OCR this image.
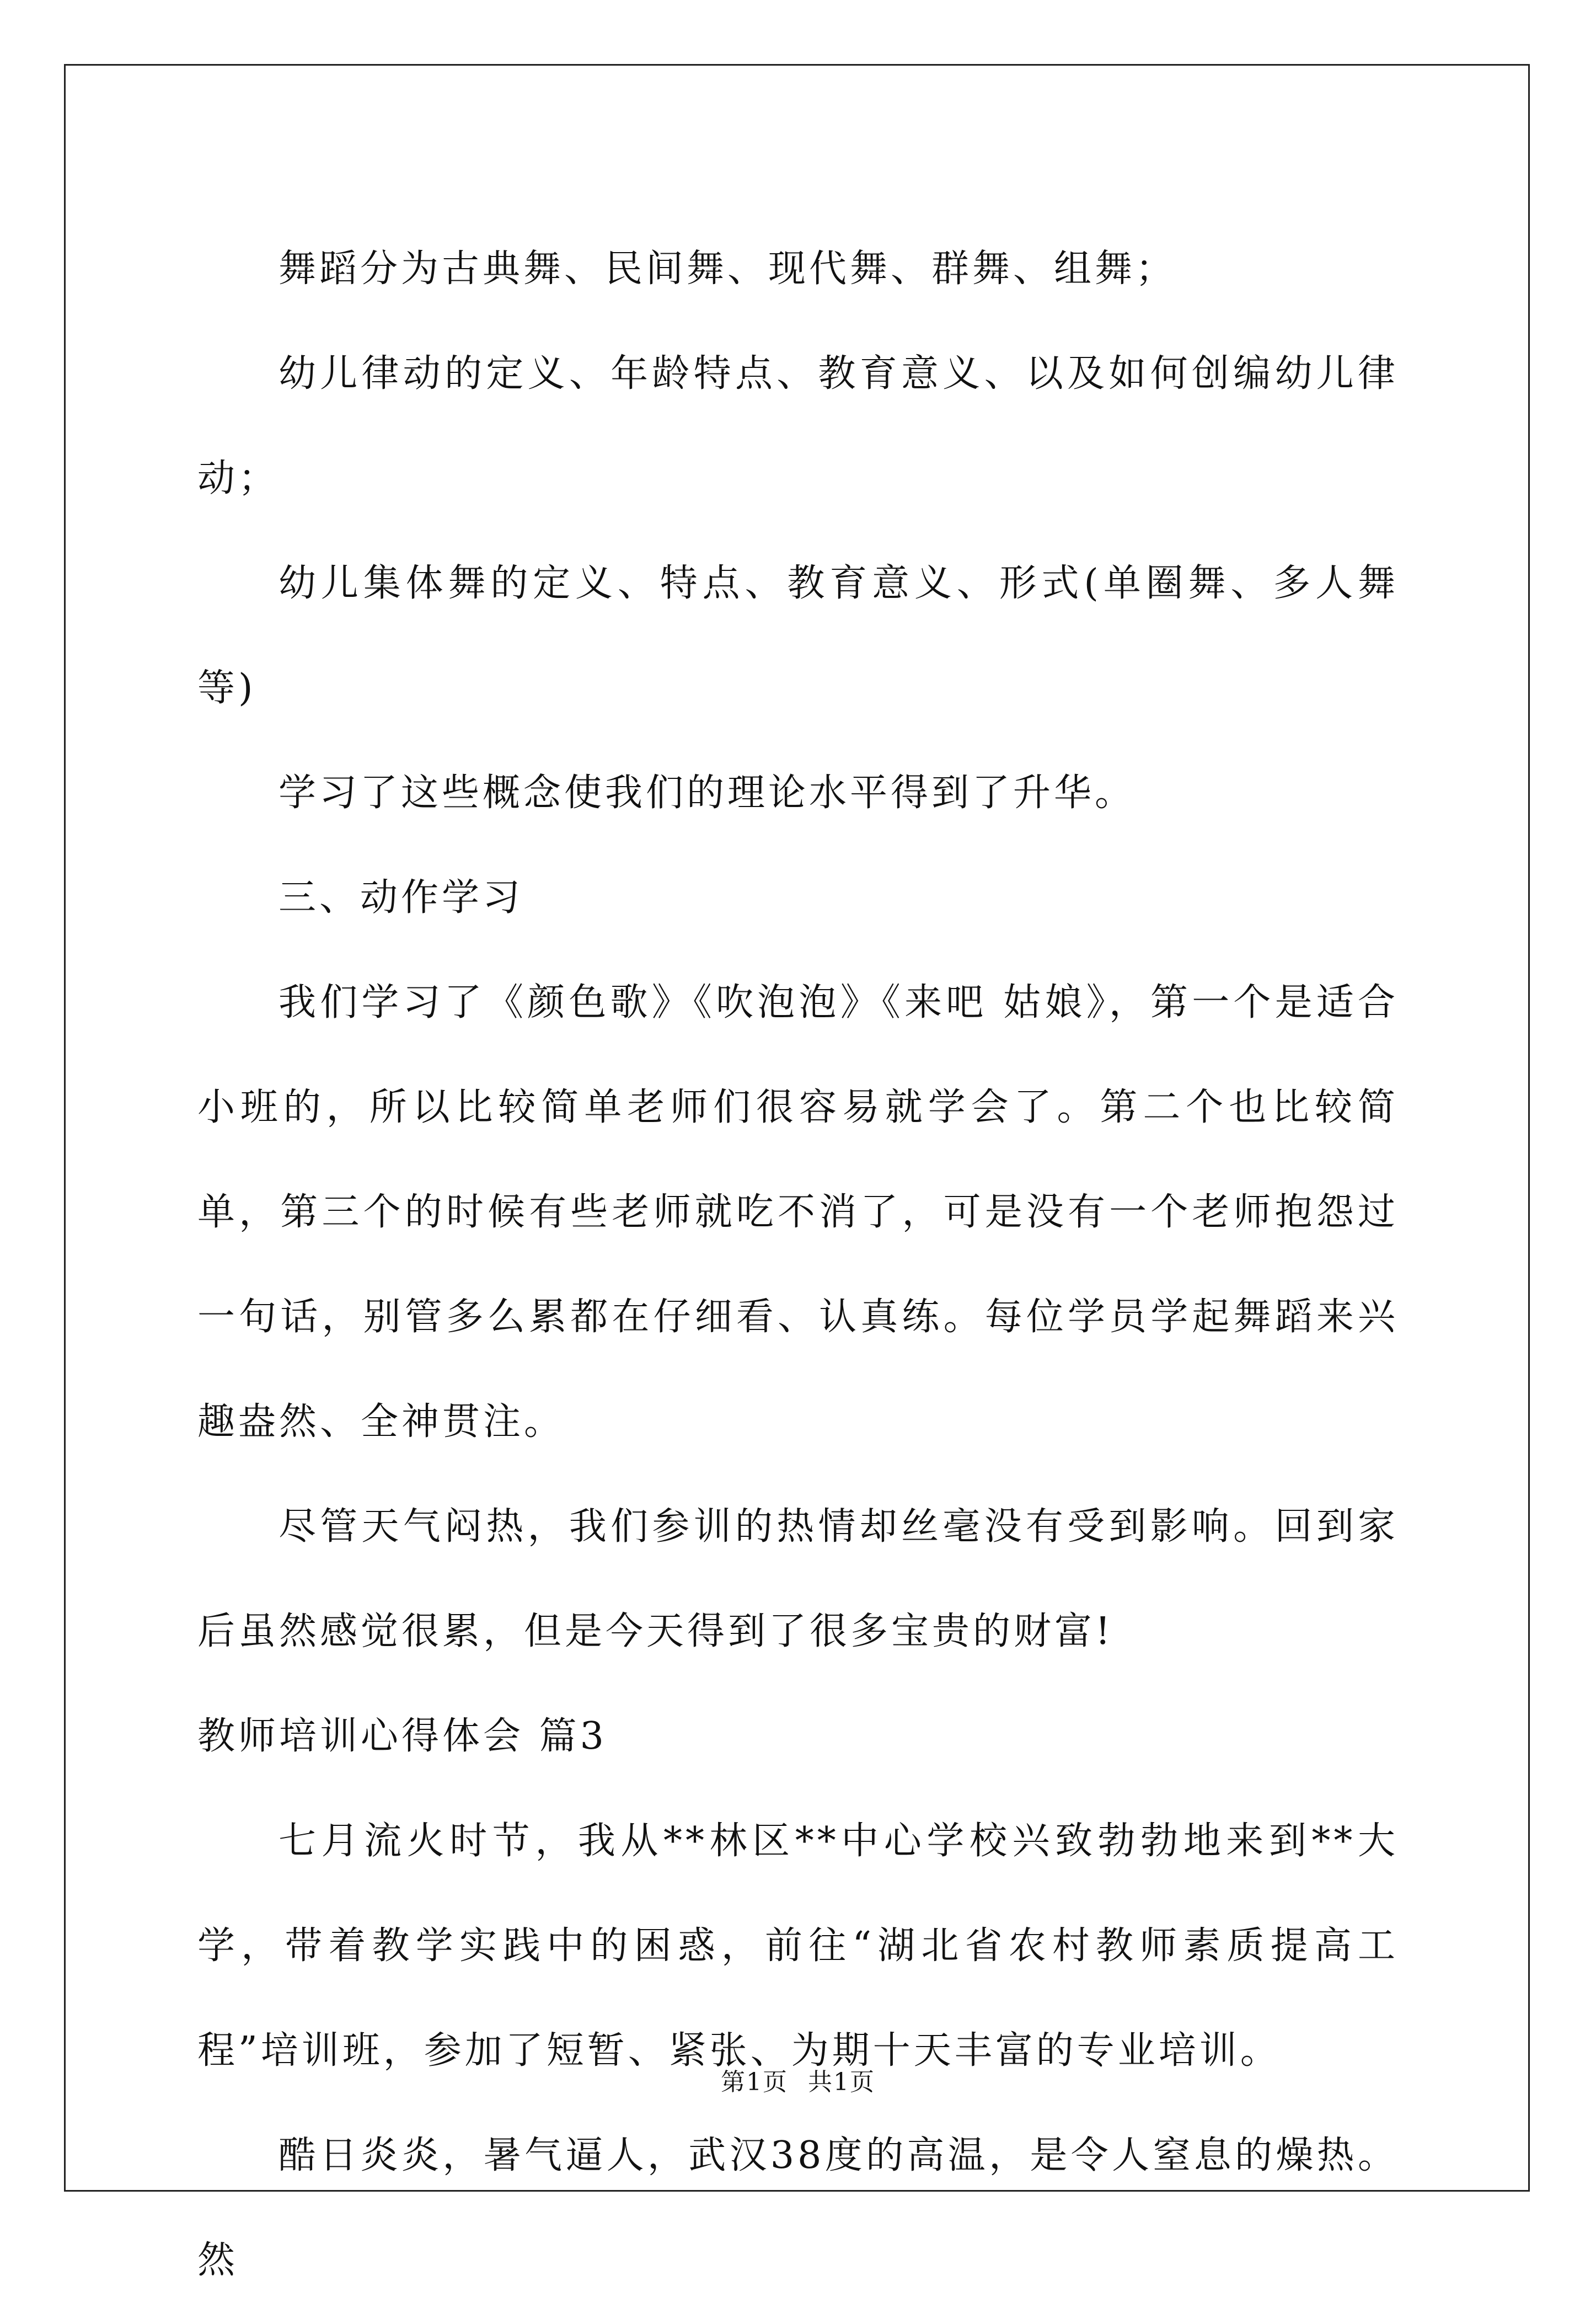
舞蹈分为古典舞、民间舞、现代舞、群舞、组舞；

幼儿律动的定义、年龄特点、教育意义、以及如何创编幼儿律动；

幼儿集体舞的定义、特点、教育意义、形式(单圈舞、多人舞等)

学习了这些概念使我们的理论水平得到了升华。

三、动作学习

我们学习了《颜色歌》《吹泡泡》《来吧 姑娘》，第一个是适合小班的，所以比较简单老师们很容易就学会了。第二个也比较简单，第三个的时候有些老师就吃不消了，可是没有一个老师抱怨过一句话，别管多么累都在仔细看、认真练。每位学员学起舞蹈来兴趣盎然、全神贯注。

尽管天气闷热，我们参训的热情却丝毫没有受到影响。回到家后虽然感觉很累，但是今天得到了很多宝贵的财富!

教师培训心得体会 篇3

七月流火时节，我从**林区**中心学校兴致勃勃地来到**大学，带着教学实践中的困惑，前往“湖北省农村教师素质提高工程”培训班，参加了短暂、紧张、为期十天丰富的专业培训。

酷日炎炎，暑气逼人，武汉38度的高温，是令人窒息的燥热。然

第1页 共1页
